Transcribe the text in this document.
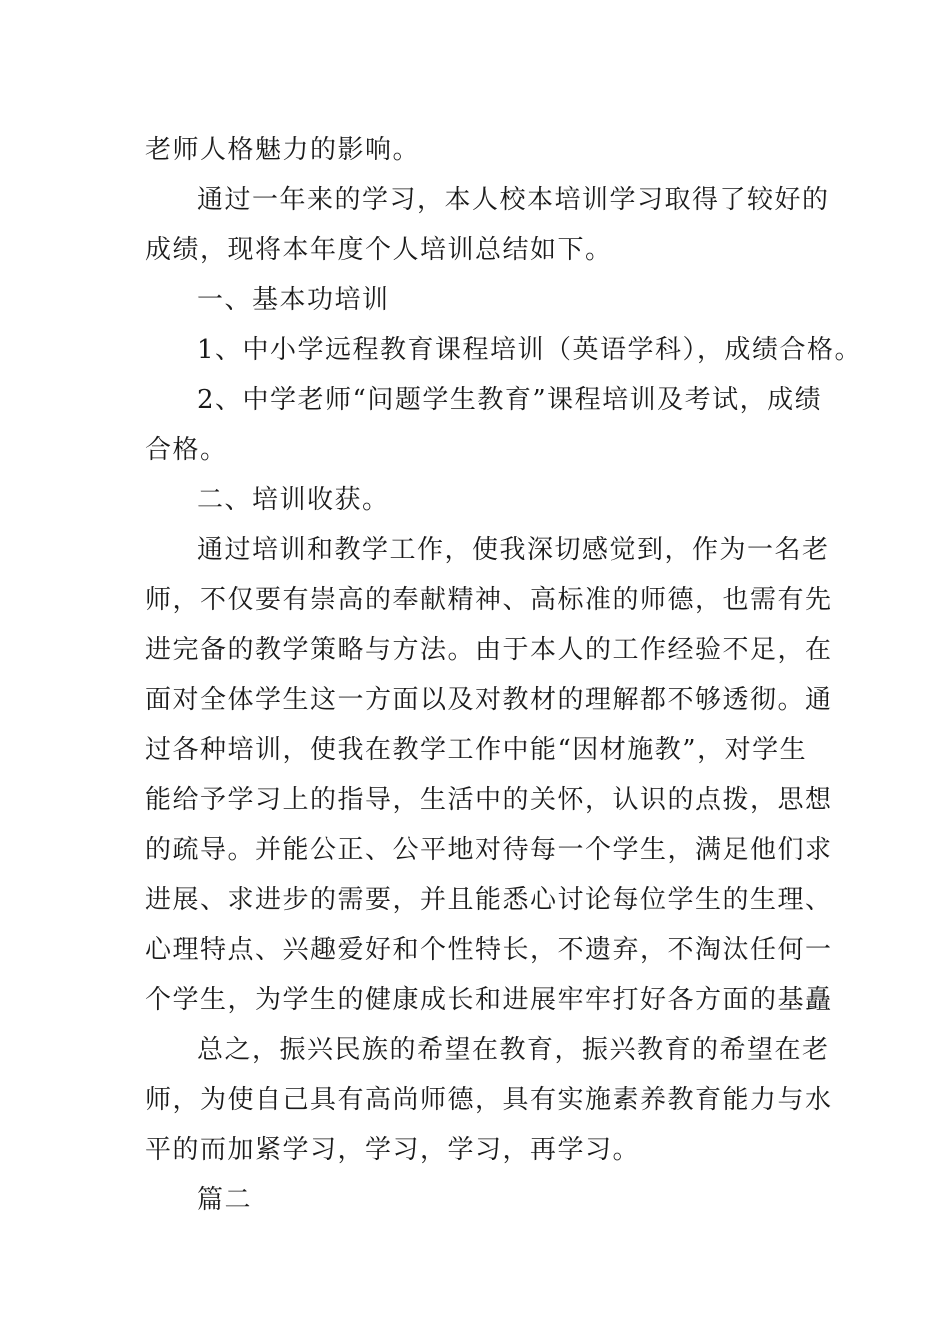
老师人格魅力的影响。
通过一年来的学习，本人校本培训学习取得了较好的
成绩，现将本年度个人培训总结如下。
一、基本功培训
1、中小学远程教育课程培训（英语学科），成绩合格。
2、中学老师“问题学生教育”课程培训及考试，成绩
合格。
二、培训收获。
通过培训和教学工作，使我深切感觉到，作为一名老
师，不仅要有崇高的奉献精神、高标准的师德，也需有先
进完备的教学策略与方法。由于本人的工作经验不足，在
面对全体学生这一方面以及对教材的理解都不够透彻。通
过各种培训，使我在教学工作中能“因材施教”，对学生
能给予学习上的指导，生活中的关怀，认识的点拨，思想
的疏导。并能公正、公平地对待每一个学生，满足他们求
进展、求进步的需要，并且能悉心讨论每位学生的生理、
心理特点、兴趣爱好和个性特长，不遗弃，不淘汰任何一
个学生，为学生的健康成长和进展牢牢打好各方面的基矗
总之，振兴民族的希望在教育，振兴教育的希望在老
师，为使自己具有高尚师德，具有实施素养教育能力与水
平的而加紧学习，学习，学习，再学习。
篇二
